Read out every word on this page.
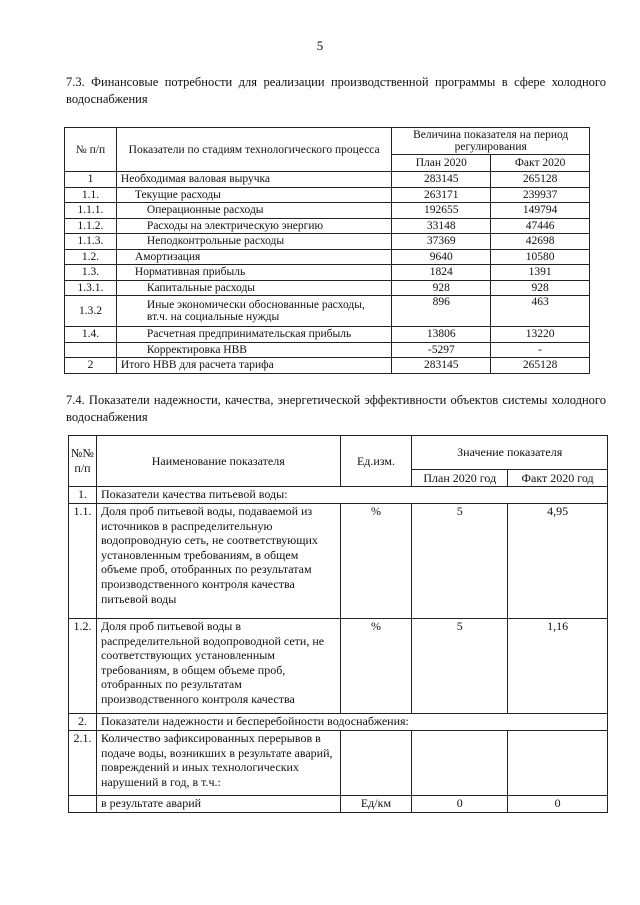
5
7.3. Финансовые потребности для реализации производственной программы в сфере холодного водоснабжения
№ п/п	Показатели по стадиям технологического процесса	Величина показателя на период регулирования	
		План 2020	Факт 2020
1	Необходимая валовая выручка	283145	265128
1.1.	Текущие расходы	263171	239937
1.1.1.	Операционные расходы	192655	149794
1.1.2.	Расходы на электрическую энергию	33148	47446
1.1.3.	Неподконтрольные расходы	37369	42698
1.2.	Амортизация	9640	10580
1.3.	Нормативная прибыль	1824	1391
1.3.1.	Капитальные расходы	928	928
1.3.2	Иные экономически обоснованные расходы, вт.ч. на социальные нужды	896	463
1.4.	Расчетная предпринимательская прибыль	13806	13220
	Корректировка НВВ	-5297	-
2	Итого НВВ для расчета тарифа	283145	265128
7.4. Показатели надежности, качества, энергетической эффективности объектов системы холодного водоснабжения
№№ п/п	Наименование показателя	Ед.изм.	Значение показателя	
			План 2020 год	Факт 2020 год
1.	Показатели качества питьевой воды:			
1.1.	Доля проб питьевой воды, подаваемой из источников в распределительную водопроводную сеть, не соответствующих установленным требованиям, в общем объеме проб, отобранных по результатам производственного контроля качества питьевой воды	%	5	4,95
1.2.	Доля проб питьевой воды в распределительной водопроводной сети, не соответствующих установленным требованиям, в общем объеме проб, отобранных по результатам производственного контроля качества	%	5	1,16
2.	Показатели надежности и бесперебойности водоснабжения:			
2.1.	Количество зафиксированных перерывов в подаче воды, возникших в результате аварий, повреждений и иных технологических нарушений в год, в т.ч.:			
	в результате аварий	Ед/км	0	0
